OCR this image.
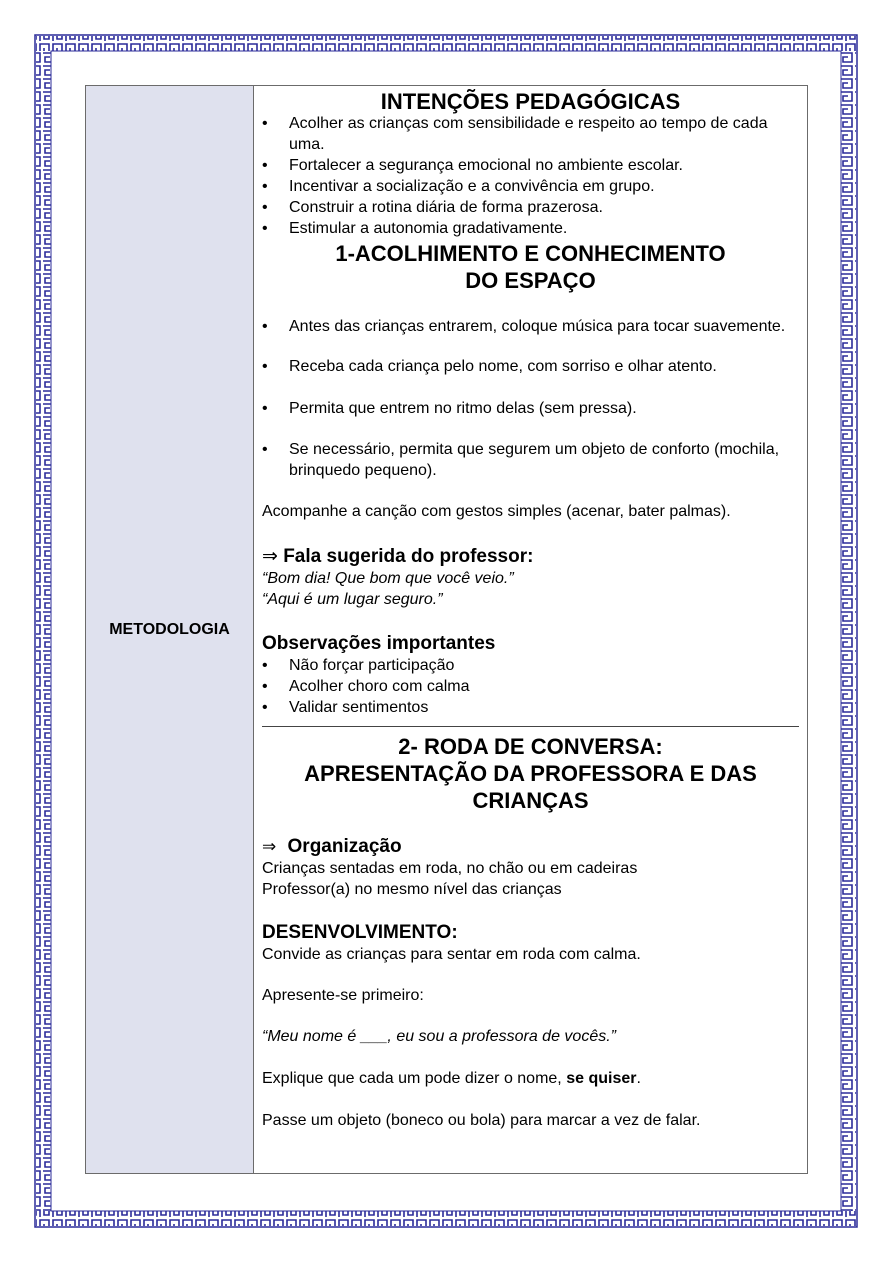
METODOLOGIA
INTENÇÕES PEDAGÓGICAS
• Acolher as crianças com sensibilidade e respeito ao tempo de cada uma.
• Fortalecer a segurança emocional no ambiente escolar.
• Incentivar a socialização e a convivência em grupo.
• Construir a rotina diária de forma prazerosa.
• Estimular a autonomia gradativamente.
1-ACOLHIMENTO E CONHECIMENTO
DO ESPAÇO
• Antes das crianças entrarem, coloque música para tocar suavemente.
• Receba cada criança pelo nome, com sorriso e olhar atento.
• Permita que entrem no ritmo delas (sem pressa).
• Se necessário, permita que segurem um objeto de conforto (mochila, brinquedo pequeno).

Acompanhe a canção com gestos simples (acenar, bater palmas).

⇒ Fala sugerida do professor:

“Bom dia! Que bom que você veio.”

“Aqui é um lugar seguro.”

Observações importantes

• Não forçar participação
• Acolher choro com calma
• Validar sentimentos
2- RODA DE CONVERSA:
APRESENTAÇÃO DA PROFESSORA E DAS
CRIANÇAS

⇒ Organização

Crianças sentadas em roda, no chão ou em cadeiras

Professor(a) no mesmo nível das crianças

DESENVOLVIMENTO:

Convide as crianças para sentar em roda com calma.

Apresente-se primeiro:

“Meu nome é ___, eu sou a professora de vocês.”

Explique que cada um pode dizer o nome, se quiser.

Passe um objeto (boneco ou bola) para marcar a vez de falar.
